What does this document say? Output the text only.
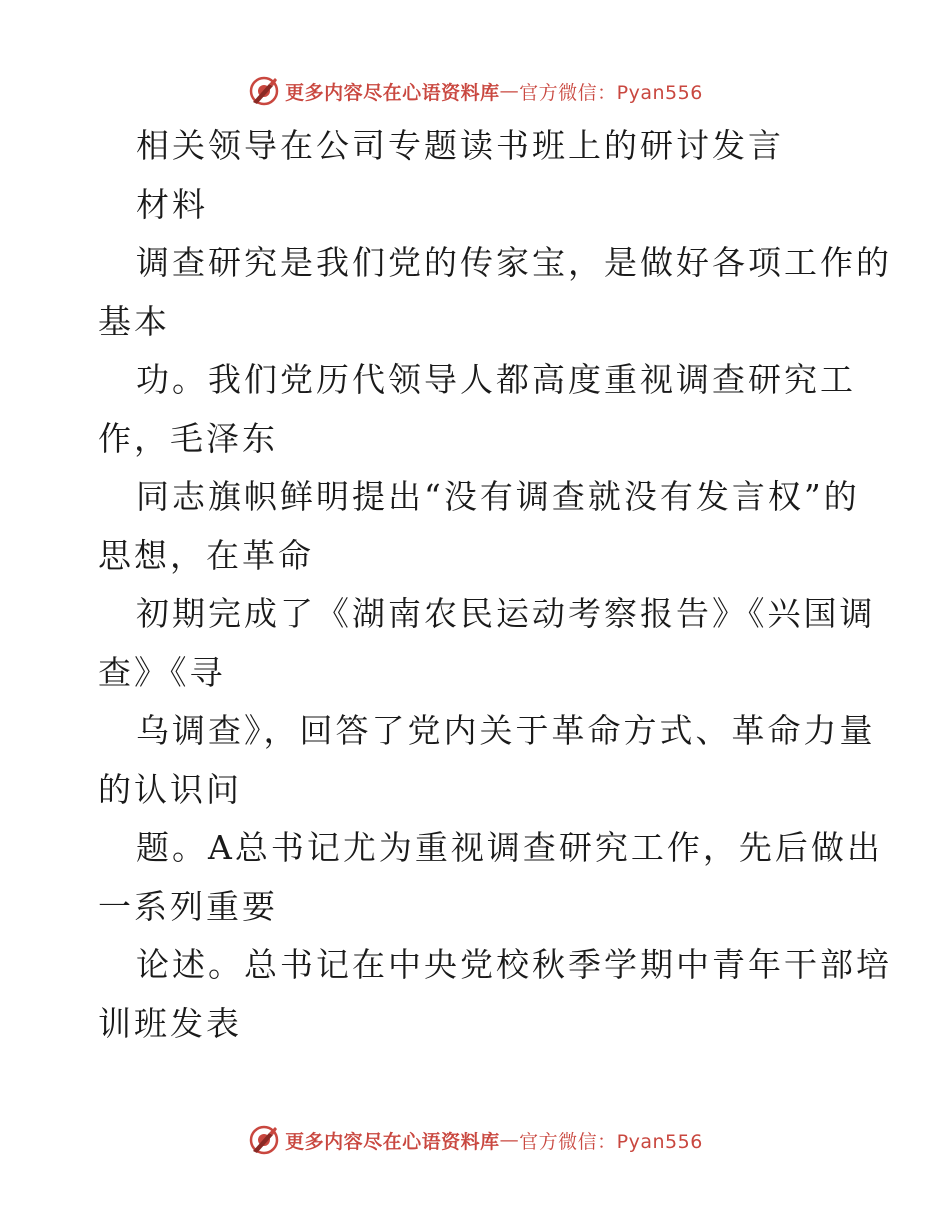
更多内容尽在心语资料库 — 官方微信：Pyan556
相关领导在公司专题读书班上的研讨发言
材料
调查研究是我们党的传家宝，是做好各项工作的
基本
功。我们党历代领导人都高度重视调查研究工
作，毛泽东
同志旗帜鲜明提出“没有调查就没有发言权”的
思想，在革命
初期完成了《湖南农民运动考察报告》《兴国调
查》《寻
乌调查》，回答了党内关于革命方式、革命力量
的认识问
题。A总书记尤为重视调查研究工作，先后做出
一系列重要
论述。总书记在中央党校秋季学期中青年干部培
训班发表
更多内容尽在心语资料库 — 官方微信：Pyan556
